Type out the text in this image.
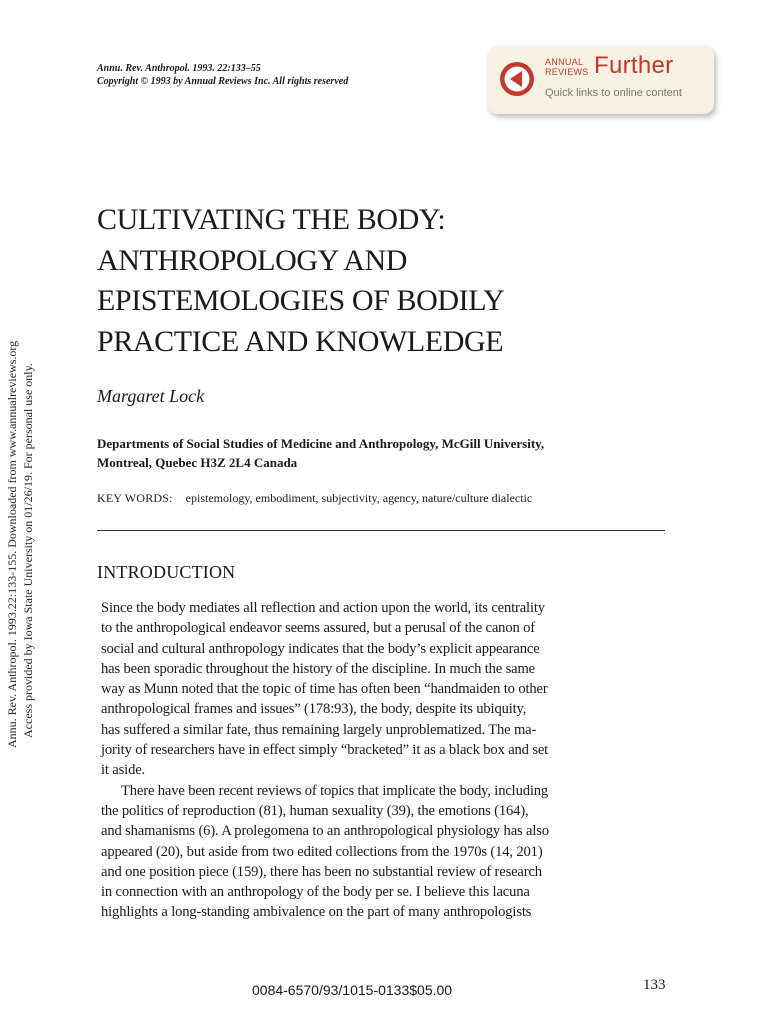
Annu. Rev. Anthropol. 1993. 22:133–55
Copyright © 1993 by Annual Reviews Inc. All rights reserved
ANNUAL
REVIEWS Further
Quick links to online content
Annu. Rev. Anthropol. 1993.22:133-155. Downloaded from www.annualreviews.org Access provided by Iowa State University on 01/26/19. For personal use only.
CULTIVATING THE BODY:
ANTHROPOLOGY AND
EPISTEMOLOGIES OF BODILY
PRACTICE AND KNOWLEDGE
Margaret Lock
Departments of Social Studies of Medicine and Anthropology, McGill University,
Montreal, Quebec H3Z 2L4 Canada
KEY WORDS: epistemology, embodiment, subjectivity, agency, nature/culture dialectic
INTRODUCTION
Since the body mediates all reflection and action upon the world, its centrality
to the anthropological endeavor seems assured, but a perusal of the canon of
social and cultural anthropology indicates that the body’s explicit appearance
has been sporadic throughout the history of the discipline. In much the same
way as Munn noted that the topic of time has often been “handmaiden to other
anthropological frames and issues” (178:93), the body, despite its ubiquity,
has suffered a similar fate, thus remaining largely unproblematized. The ma-
jority of researchers have in effect simply “bracketed” it as a black box and set
it aside.
There have been recent reviews of topics that implicate the body, including
the politics of reproduction (81), human sexuality (39), the emotions (164),
and shamanisms (6). A prolegomena to an anthropological physiology has also
appeared (20), but aside from two edited collections from the 1970s (14, 201)
and one position piece (159), there has been no substantial review of research
in connection with an anthropology of the body per se. I believe this lacuna
highlights a long-standing ambivalence on the part of many anthropologists
0084-6570/93/1015-0133$05.00	133
